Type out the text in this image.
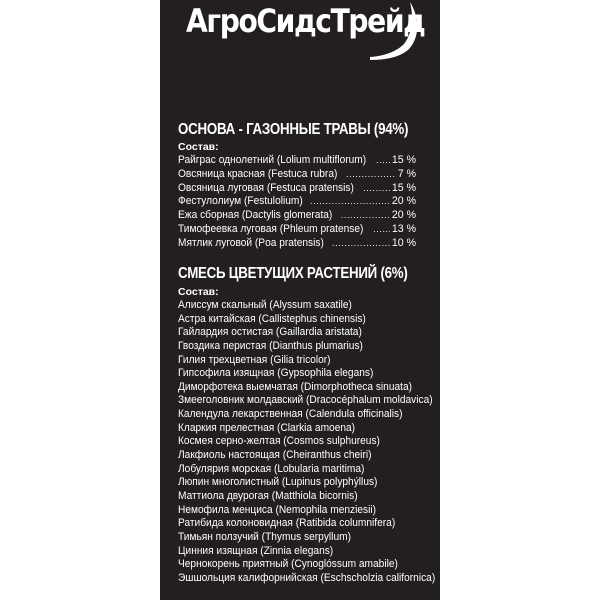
АгроСидсТрейд
ОСНОВА - ГАЗОННЫЕ ТРАВЫ (94%)
Состав:
Райграс однолетний (Lolium multiflorum) ..... 15 %
Овсяница красная (Festuca rubra) .....	7 %
Овсяница луговая (Festuca pratensis) .....	15 %
Фестулолиум (Festulolium) .....	20 %
Ежа сборная (Dactylis glomerata) .....	20 %
Тимофеевка луговая (Phleum pratense) .....	13 %
Мятлик луговой (Poa pratensis) .....	10 %
СМЕСЬ ЦВЕТУЩИХ РАСТЕНИЙ (6%)
Состав:
Алиссум скальный (Alyssum saxatile)
Астра китайская (Callistephus chinensis)
Гайлардия остистая (Gaillardia aristata)
Гвоздика перистая (Dianthus plumarius)
Гилия трехцветная (Gilia tricolor)
Гипсофила изящная (Gypsophila elegans)
Диморфотека выемчатая (Dimorphotheca sinuata)
Змееголовник молдавский (Dracocéphalum moldavica)
Календула лекарственная (Calendula officinalis)
Кларкия прелестная (Clarkia amoena)
Космея серно-желтая (Cosmos sulphureus)
Лакфиоль настоящая (Cheiranthus cheiri)
Лобулярия морская (Lobularia maritima)
Люпин многолистный (Lupinus polyphýllus)
Маттиола двурогая (Matthiola bicornis)
Немофила менциса (Nemophila menziesii)
Ратибида колоновидная (Ratibida columnifera)
Тимьян ползучий (Thymus serpyllum)
Цинния изящная (Zinnia elegans)
Чернокорень приятный (Cynoglóssum amabile)
Эшшольция калифорнийская (Eschscholzia californica)
